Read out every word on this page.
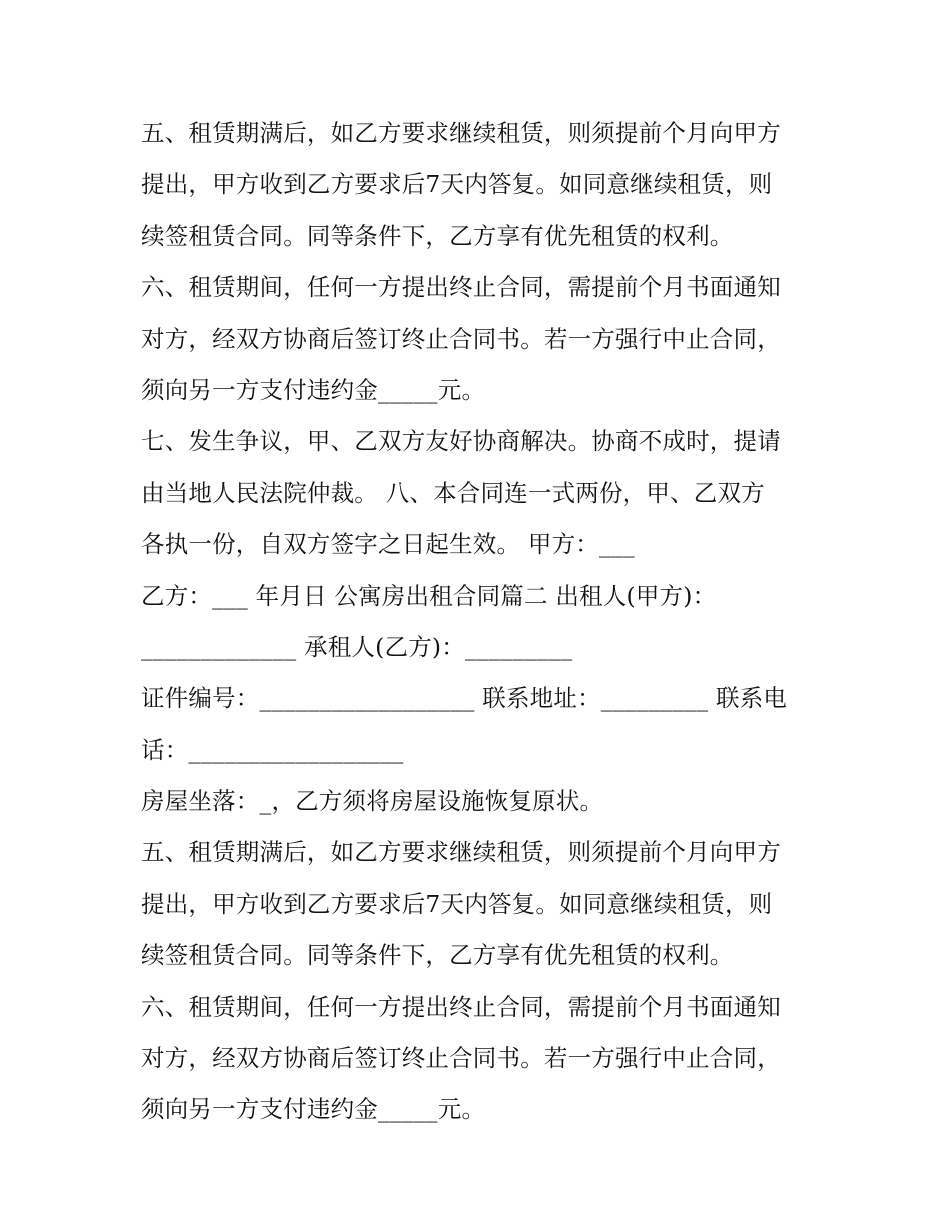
五、租赁期满后，如乙方要求继续租赁，则须提前个月向甲方
提出，甲方收到乙方要求后7天内答复。如同意继续租赁，则
续签租赁合同。同等条件下，乙方享有优先租赁的权利。
六、租赁期间，任何一方提出终止合同，需提前个月书面通知
对方，经双方协商后签订终止合同书。若一方强行中止合同，
须向另一方支付违约金_____元。
七、发生争议，甲、乙双方友好协商解决。协商不成时，提请
由当地人民法院仲裁。 八、本合同连一式两份，甲、乙双方
各执一份，自双方签字之日起生效。 甲方：___
乙方：___ 年月日 公寓房出租合同篇二 出租人(甲方)：
_____________ 承租人(乙方)：_________
证件编号：__________________ 联系地址：_________ 联系电
话：__________________
房屋坐落：_，乙方须将房屋设施恢复原状。
五、租赁期满后，如乙方要求继续租赁，则须提前个月向甲方
提出，甲方收到乙方要求后7天内答复。如同意继续租赁，则
续签租赁合同。同等条件下，乙方享有优先租赁的权利。
六、租赁期间，任何一方提出终止合同，需提前个月书面通知
对方，经双方协商后签订终止合同书。若一方强行中止合同，
须向另一方支付违约金_____元。
